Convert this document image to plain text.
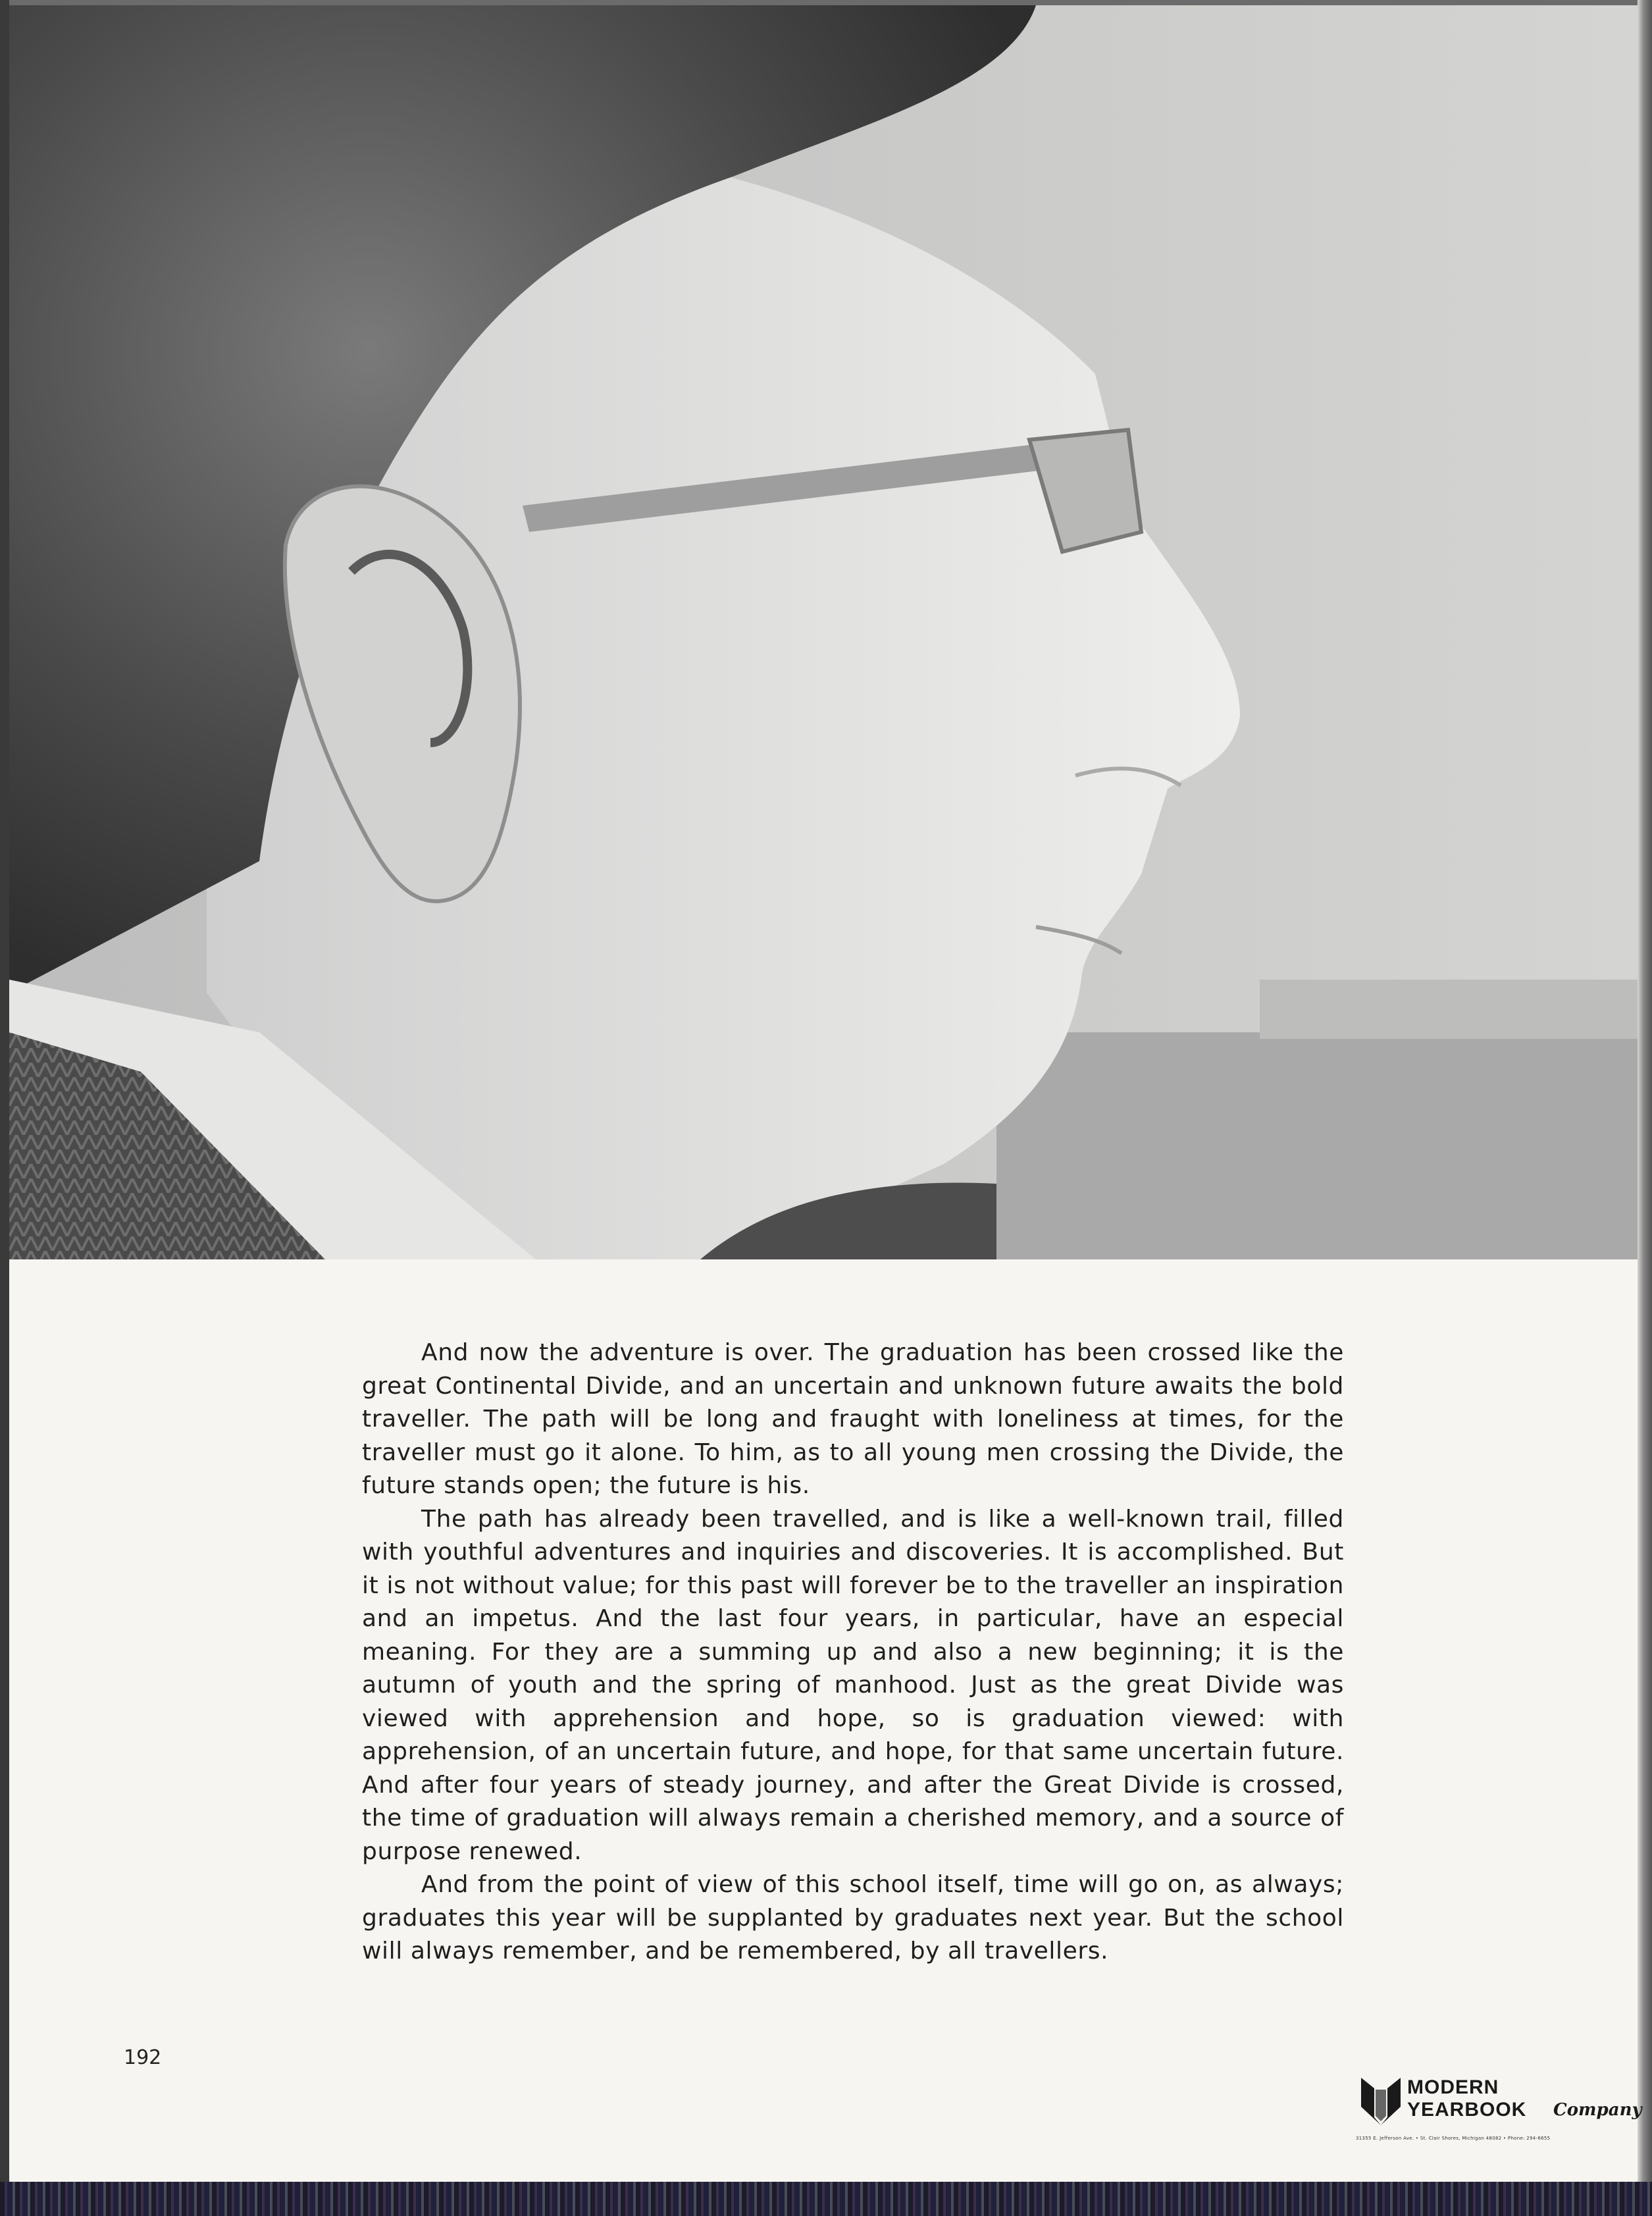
And now the adventure is over. The graduation has been crossed like the great Continental Divide, and an uncertain and unknown future awaits the bold traveller. The path will be long and fraught with loneliness at times, for the traveller must go it alone. To him, as to all young men crossing the Divide, the future stands open; the future is his.

The path has already been travelled, and is like a well-known trail, filled with youthful adventures and inquiries and discoveries. It is accomplished. But it is not without value; for this past will forever be to the traveller an inspiration and an impetus. And the last four years, in particular, have an especial meaning. For they are a summing up and also a new beginning; it is the autumn of youth and the spring of manhood. Just as the great Divide was viewed with apprehension and hope, so is graduation viewed: with apprehension, of an uncertain future, and hope, for that same uncertain future. And after four years of steady journey, and after the Great Divide is crossed, the time of graduation will always remain a cherished memory, and a source of purpose renewed.

And from the point of view of this school itself, time will go on, as always; graduates this year will be supplanted by graduates next year. But the school will always remember, and be remembered, by all travellers.

192
MODERN
YEARBOOK Company
31355 E. Jefferson Ave. • St. Clair Shores, Michigan 48082 • Phone: 294-6655
